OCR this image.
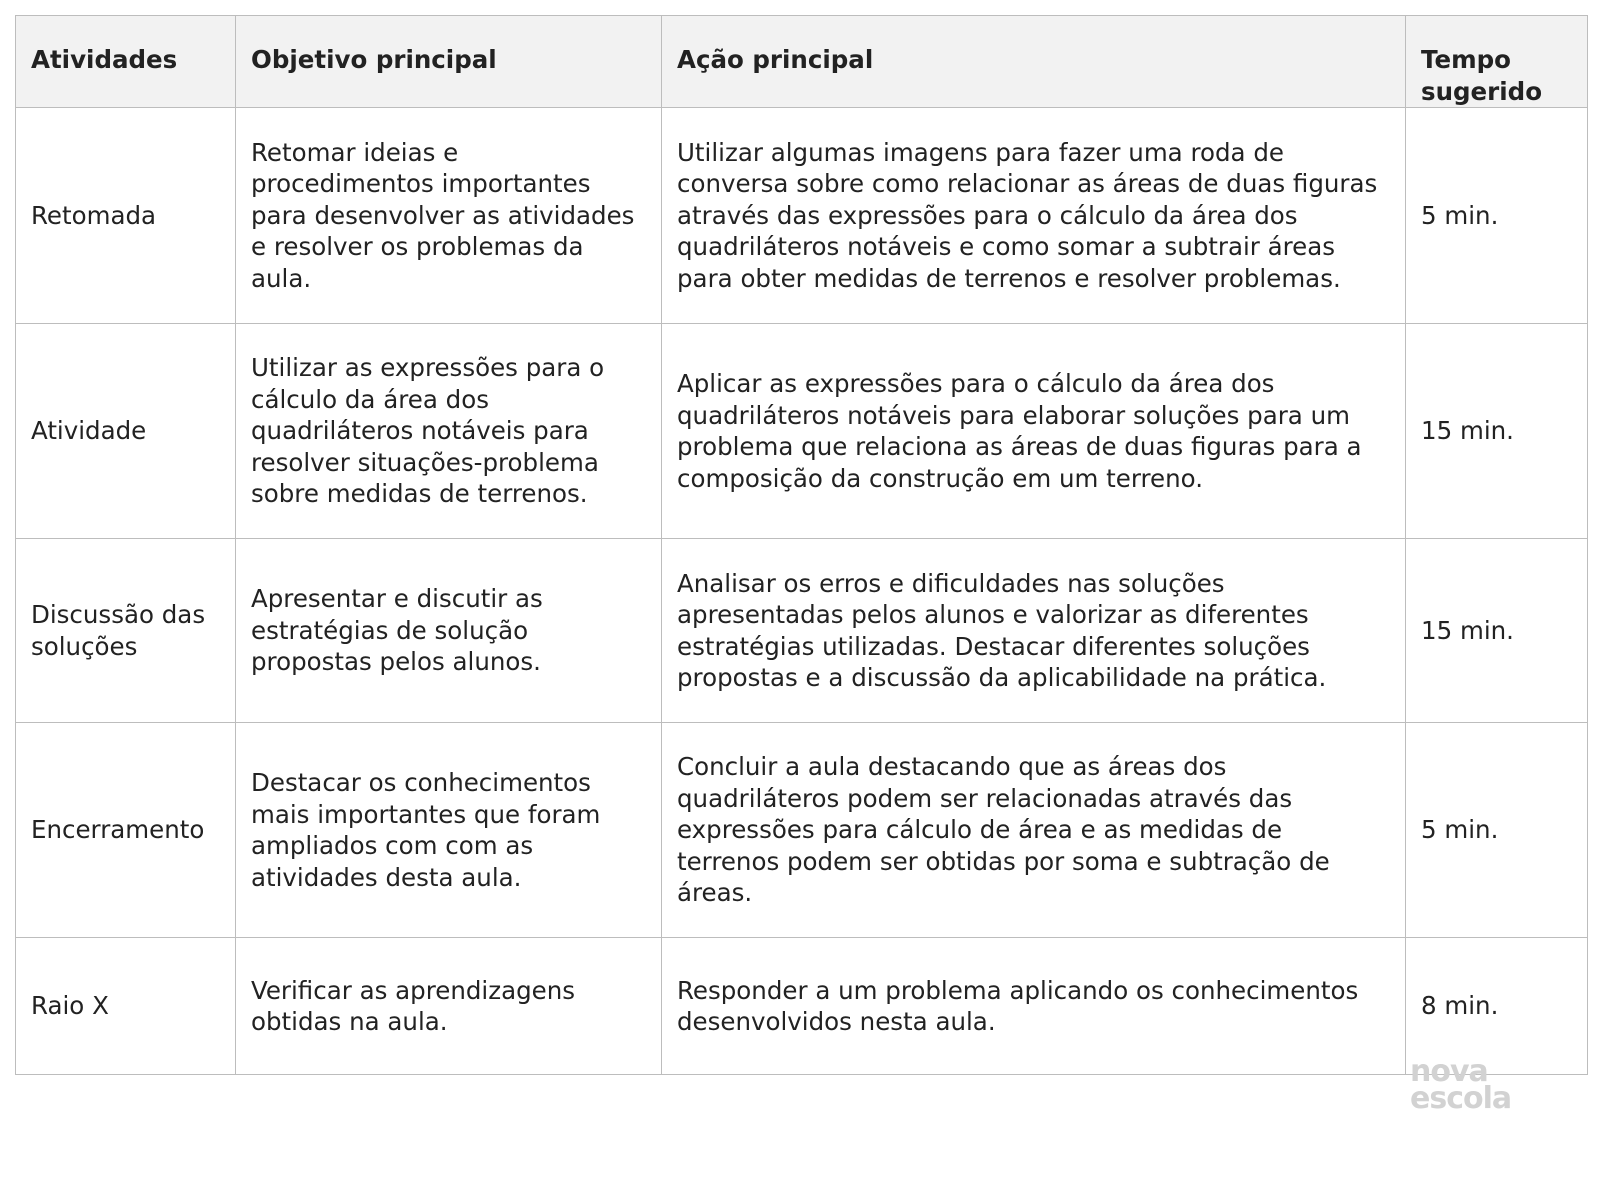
Atividades	Objetivo principal	Ação principal	Tempo sugerido
Retomada	Retomar ideias e procedimentos importantes para desenvolver as atividades e resolver os problemas da aula.	Utilizar algumas imagens para fazer uma roda de conversa sobre como relacionar as áreas de duas figuras através das expressões para o cálculo da área dos quadriláteros notáveis e como somar a subtrair áreas para obter medidas de terrenos e resolver problemas.	5 min.
Atividade	Utilizar as expressões para o cálculo da área dos quadriláteros notáveis para resolver situações-problema sobre medidas de terrenos.	Aplicar as expressões para o cálculo da área dos quadriláteros notáveis para elaborar soluções para um problema que relaciona as áreas de duas figuras para a composição da construção em um terreno.	15 min.
Discussão das soluções	Apresentar e discutir as estratégias de solução propostas pelos alunos.	Analisar os erros e dificuldades nas soluções apresentadas pelos alunos e valorizar as diferentes estratégias utilizadas. Destacar diferentes soluções propostas e a discussão da aplicabilidade na prática.	15 min.
Encerramento	Destacar os conhecimentos mais importantes que foram ampliados com com as atividades desta aula.	Concluir a aula destacando que as áreas dos quadriláteros podem ser relacionadas através das expressões para cálculo de área e as medidas de terrenos podem ser obtidas por soma e subtração de áreas.	5 min.
Raio X	Verificar as aprendizagens obtidas na aula.	Responder a um problema aplicando os conhecimentos desenvolvidos nesta aula.	8 min.
nova
escola
